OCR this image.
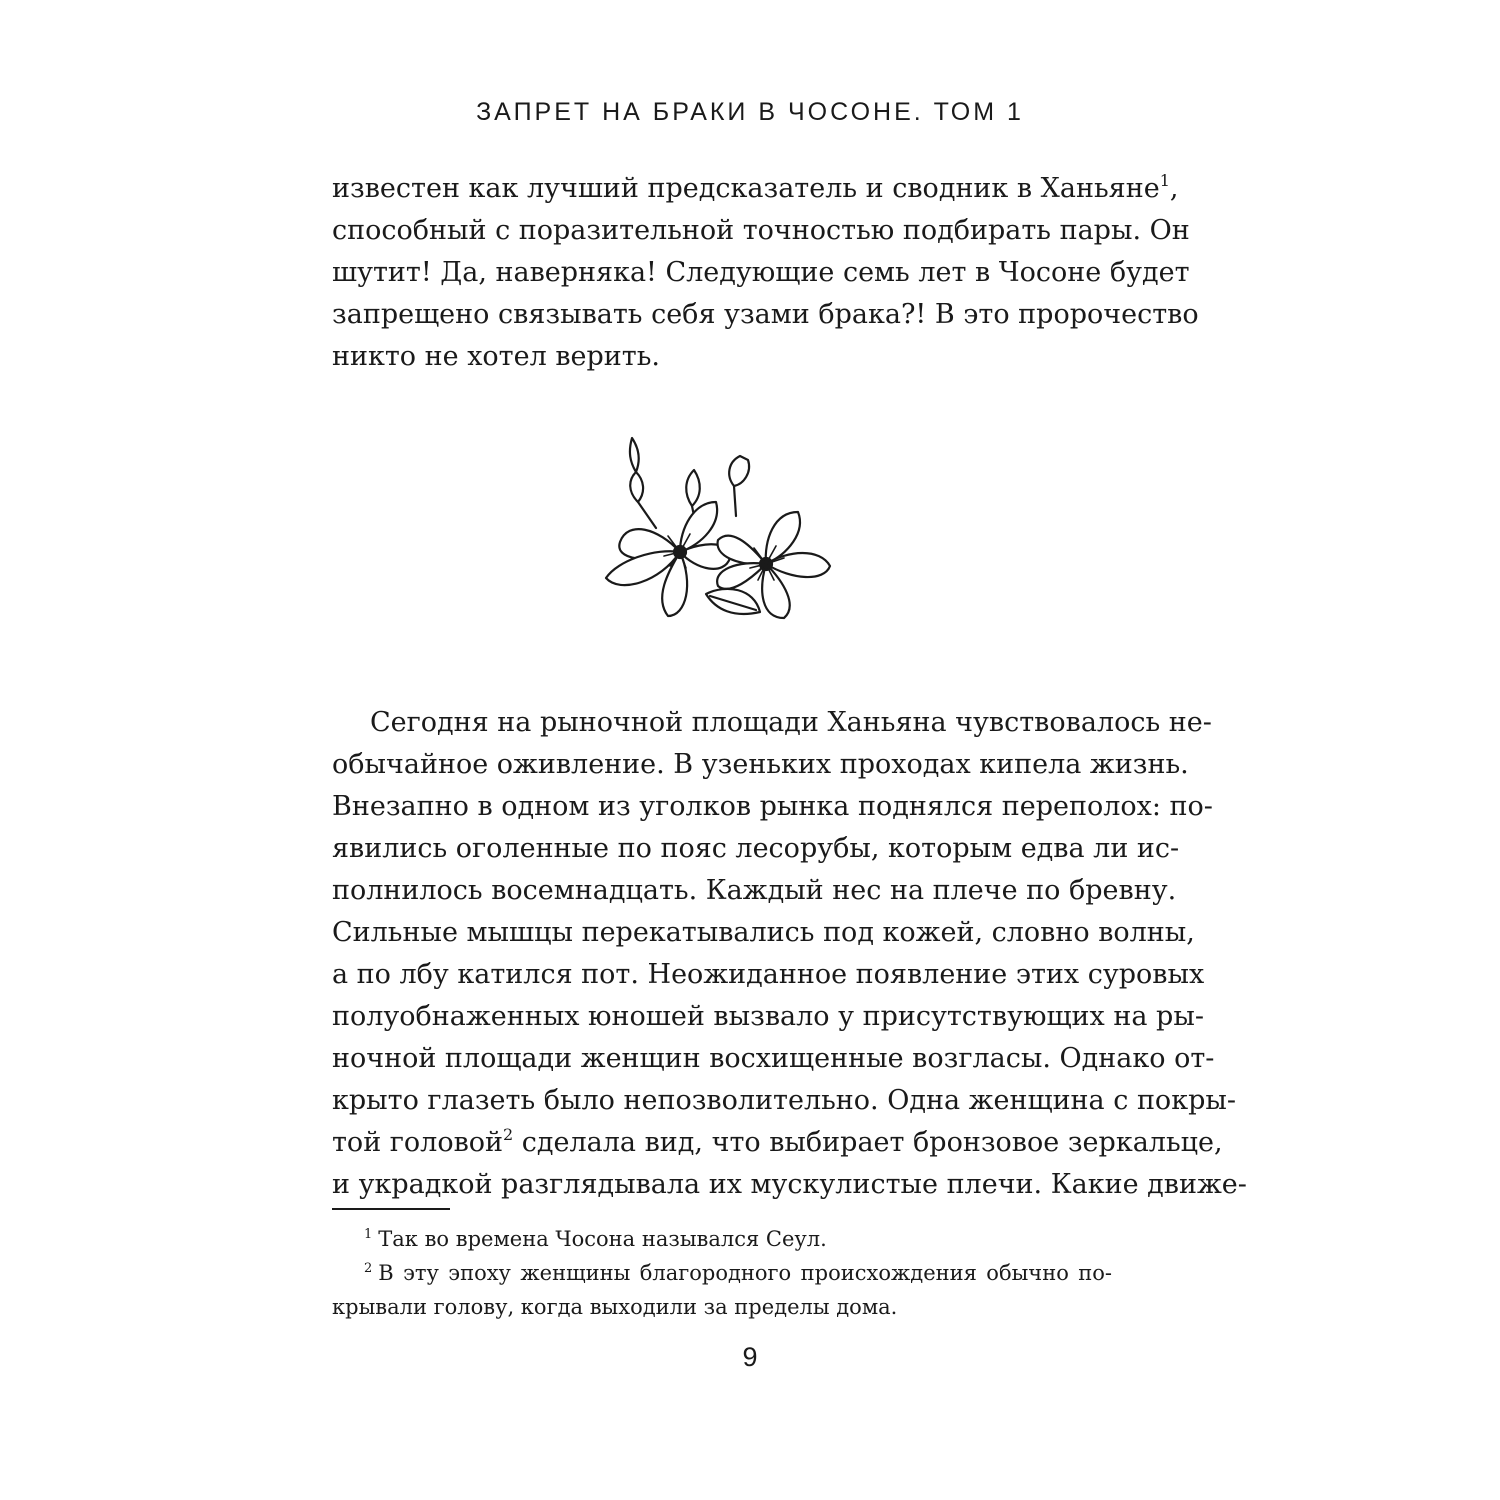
ЗАПРЕТ НА БРАКИ В ЧОСОНЕ. ТОМ 1
известен как лучший предсказатель и сводник в Ханьяне$^1$,
способный с поразительной точностью подбирать пары. Он
шутит! Да, наверняка! Следующие семь лет в Чосоне будет
запрещено связывать себя узами брака?! В это пророчество
никто не хотел верить.
Сегодня на рыночной площади Ханьяна чувствовалось не-
обычайное оживление. В узеньких проходах кипела жизнь.
Внезапно в одном из уголков рынка поднялся переполох: по-
явились оголенные по пояс лесорубы, которым едва ли ис-
полнилось восемнадцать. Каждый нес на плече по бревну.
Сильные мышцы перекатывались под кожей, словно волны,
а по лбу катился пот. Неожиданное появление этих суровых
полуобнаженных юношей вызвало у присутствующих на ры-
ночной площади женщин восхищенные возгласы. Однако от-
крыто глазеть было непозволительно. Одна женщина с покры-
той головой$^2$ сделала вид, что выбирает бронзовое зеркальце,
и украдкой разглядывала их мускулистые плечи. Какие движе-
$^1$ Так во времена Чосона назывался Сеул.
$^2$ В эту эпоху женщины благородного происхождения обычно по-
крывали голову, когда выходили за пределы дома.
9
